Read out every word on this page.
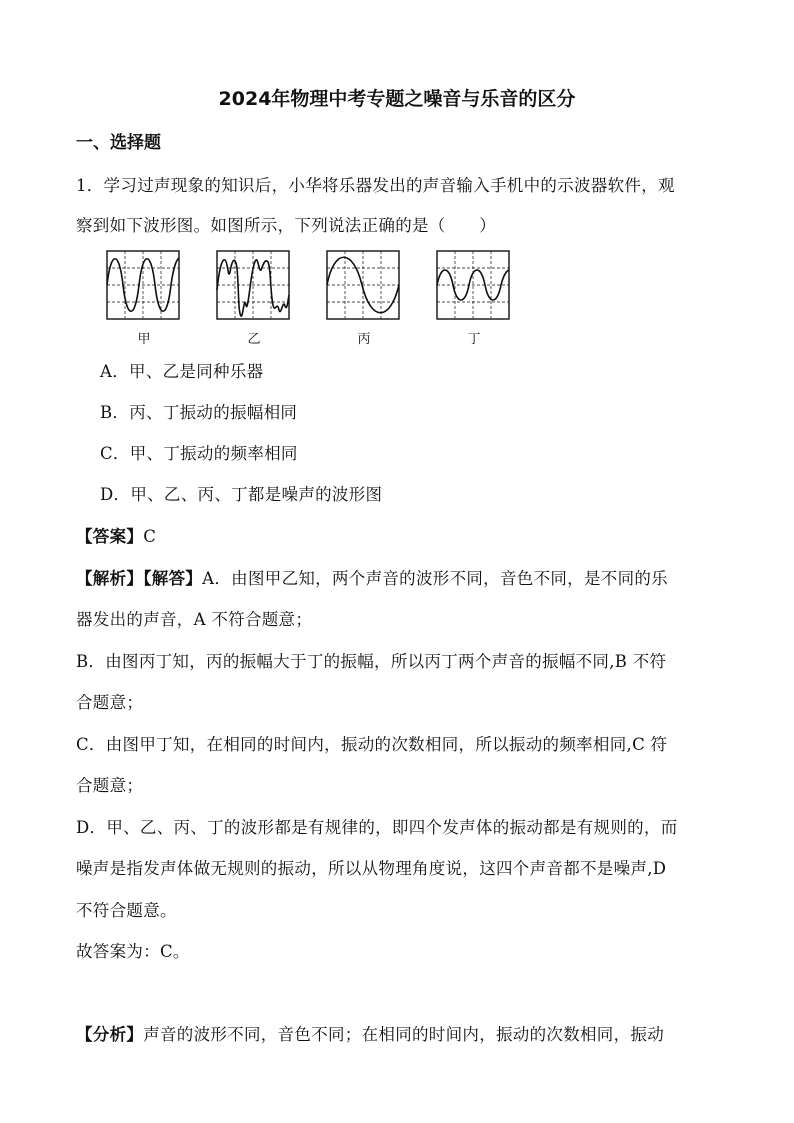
2024年物理中考专题之噪音与乐音的区分
一、选择题
1．学习过声现象的知识后，小华将乐器发出的声音输入手机中的示波器软件，观
察到如下波形图。如图所示，下列说法正确的是（　　）
甲	乙	丙	丁
A．甲、乙是同种乐器
B．丙、丁振动的振幅相同
C．甲、丁振动的频率相同
D．甲、乙、丙、丁都是噪声的波形图
【答案】C
【解析】【解答】A．由图甲乙知，两个声音的波形不同，音色不同，是不同的乐
器发出的声音，A 不符合题意；
B．由图丙丁知，丙的振幅大于丁的振幅，所以丙丁两个声音的振幅不同,B 不符
合题意；
C．由图甲丁知，在相同的时间内，振动的次数相同，所以振动的频率相同,C 符
合题意；
D．甲、乙、丙、丁的波形都是有规律的，即四个发声体的振动都是有规则的，而
噪声是指发声体做无规则的振动，所以从物理角度说，这四个声音都不是噪声,D
不符合题意。
故答案为：C。
【分析】声音的波形不同，音色不同；在相同的时间内，振动的次数相同，振动
